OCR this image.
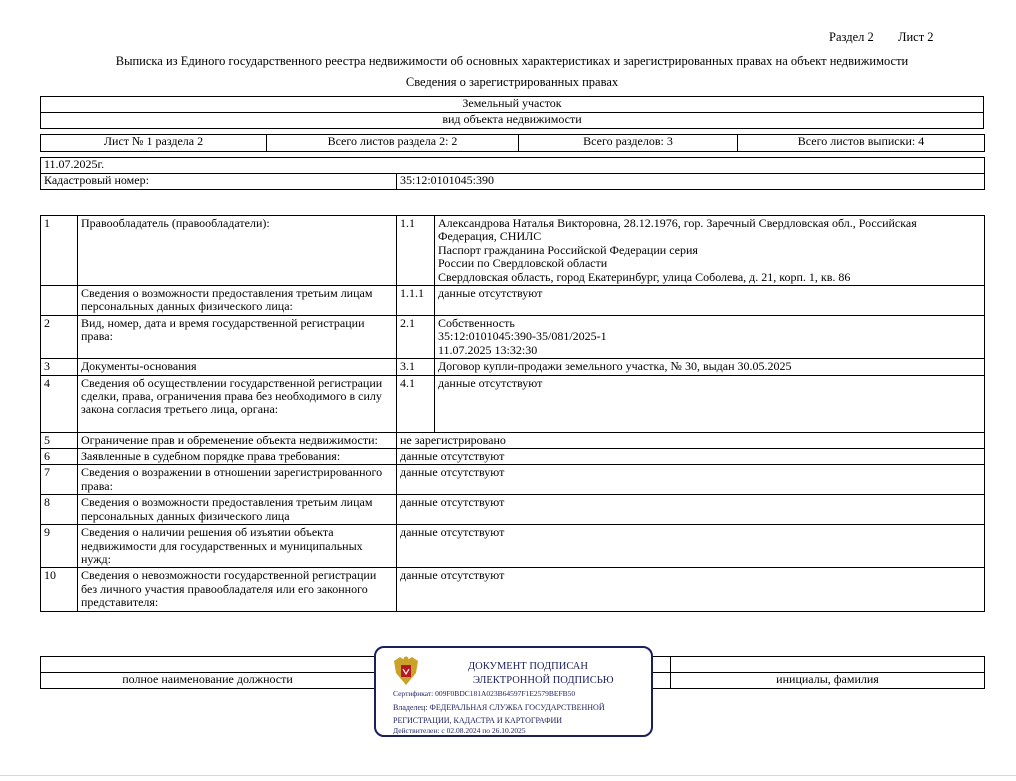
Раздел 2 Лист 2
Выписка из Единого государственного реестра недвижимости об основных характеристиках и зарегистрированных правах на объект недвижимости
Сведения о зарегистрированных правах
Земельный участок
вид объекта недвижимости
Лист № 1 раздела 2	Всего листов раздела 2: 2	Всего разделов: 3	Всего листов выписки: 4
11.07.2025г.
Кадастровый номер:	35:12:0101045:390
1	Правообладатель (правообладатели):	1.1	Александрова Наталья Викторовна, 28.12.1976, гор. Заречный Свердловская обл., Российская
Федерация, СНИЛС
Паспорт гражданина Российской Федерации серия
России по Свердловской области
Свердловская область, город Екатеринбург, улица Соболева, д. 21, корп. 1, кв. 86

	Сведения о возможности предоставления третьим лицам персональных данных физического лица:	1.1.1	данные отсутствуют

2	Вид, номер, дата и время государственной регистрации права:	2.1	Собственность
35:12:0101045:390-35/081/2025-1
11.07.2025 13:32:30

3	Документы-основания	3.1	Договор купли-продажи земельного участка, № 30, выдан 30.05.2025

4	Сведения об осуществлении государственной регистрации сделки, права, ограничения права без необходимого в силу закона согласия третьего лица, органа:	4.1	данные отсутствуют

5	Ограничение прав и обременение объекта недвижимости:	не зарегистрировано	
6	Заявленные в судебном порядке права требования:	данные отсутствуют	
7	Сведения о возражении в отношении зарегистрированного права:	данные отсутствуют	
8	Сведения о возможности предоставления третьим лицам персональных данных физического лица	данные отсутствуют	
9	Сведения о наличии решения об изъятии объекта недвижимости для государственных и муниципальных нужд:	данные отсутствуют	
10	Сведения о невозможности государственной регистрации без личного участия правообладателя или его законного представителя:	данные отсутствуют	

полное наименование должности		инициалы, фамилия
ДОКУМЕНТ ПОДПИСАН
ЭЛЕКТРОННОЙ ПОДПИСЬЮ
Сертификат: 009F0BDC181A023B64597F1E2579BEFB50
Владелец: ФЕДЕРАЛЬНАЯ СЛУЖБА ГОСУДАРСТВЕННОЙ
РЕГИСТРАЦИИ, КАДАСТРА И КАРТОГРАФИИ
Действителен: с 02.08.2024 по 26.10.2025
